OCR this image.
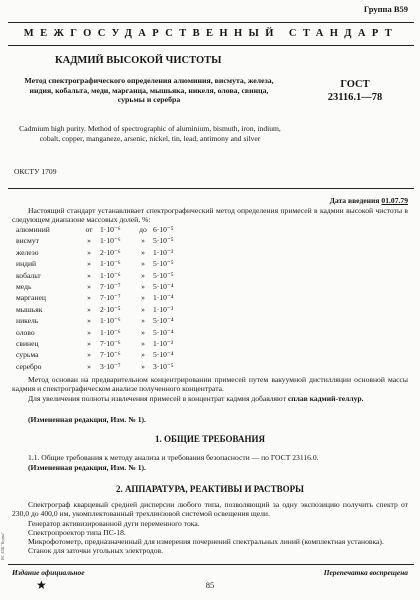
Группа В59
МЕЖГОСУДАРСТВЕННЫЙ СТАНДАРТ
КАДМИЙ ВЫСОКОЙ ЧИСТОТЫ
Метод спектрографического определения алюминия, висмута, железа, индия, кобальта, меди, марганца, мышьяка, никеля, олова, свинца, сурьмы и серебра
ГОСТ
23116.1—78
Cadmium high purity. Method of spectrographic of aluminium, bismuth, iron, indium, cobalt, copper, manganeze, arsenic, nickel, tin, lead, antimony and silver
ОКСТУ 1709
Дата введения 01.07.79

Настоящий стандарт устанавливает спектрографический метод определения примесей в кадмии высокой чистоты в следующем диапазоне массовых долей, %:

алюминий	от	1·10⁻⁶	до	6·10⁻⁵
висмут	»	1·10⁻⁶	»	5·10⁻⁵
железо	»	2·10⁻⁶	»	1·10⁻³
индий	»	1·10⁻⁶	»	5·10⁻⁵
кобальт	»	1·10⁻⁶	»	5·10⁻⁵
медь	»	7·10⁻⁷	»	5·10⁻⁴
марганец	»	7·10⁻⁷	»	1·10⁻⁴
мышьяк	»	2·10⁻⁵	»	1·10⁻³
никель	»	1·10⁻⁶	»	5·10⁻⁴
олово	»	1·10⁻⁶	»	5·10⁻⁴
свинец	»	7·10⁻⁶	»	1·10⁻³
сурьма	»	7·10⁻⁶	»	5·10⁻⁴
серебро	»	3·10⁻⁷	»	3·10⁻⁵

Метод основан на предварительном концентрировании примесей путем вакуумной дистилляции основной массы кадмия и спектрографическом анализе полученного концентрата.

Для увеличения полноты извлечения примесей в концентрат кадмия добавляют сплав кадмий-теллур.

(Измененная редакция, Изм. № 1).

1. ОБЩИЕ ТРЕБОВАНИЯ

1.1. Общие требования к методу анализа и требования безопасности — по ГОСТ 23116.0.

(Измененная редакция, Изм. № 1).

2. АППАРАТУРА, РЕАКТИВЫ И РАСТВОРЫ

Спектрограф кварцевый средней дисперсии любого типа, позволяющий за одну экспозицию получить спектр от 230,0 до 400,0 нм, укомплектованный трехлинзовой системой освещения щели.

Генератор активизированной дуги переменного тока.

Спектропроектор типа ПС-18.

Микрофотометр, предназначенный для измерения почернений спектральных линий (комплектная установка).

Издание официальное	Перепечатка воспрещена
★	85
ИС АПК "Кодекс"	Станок для заточки угольных электродов.
